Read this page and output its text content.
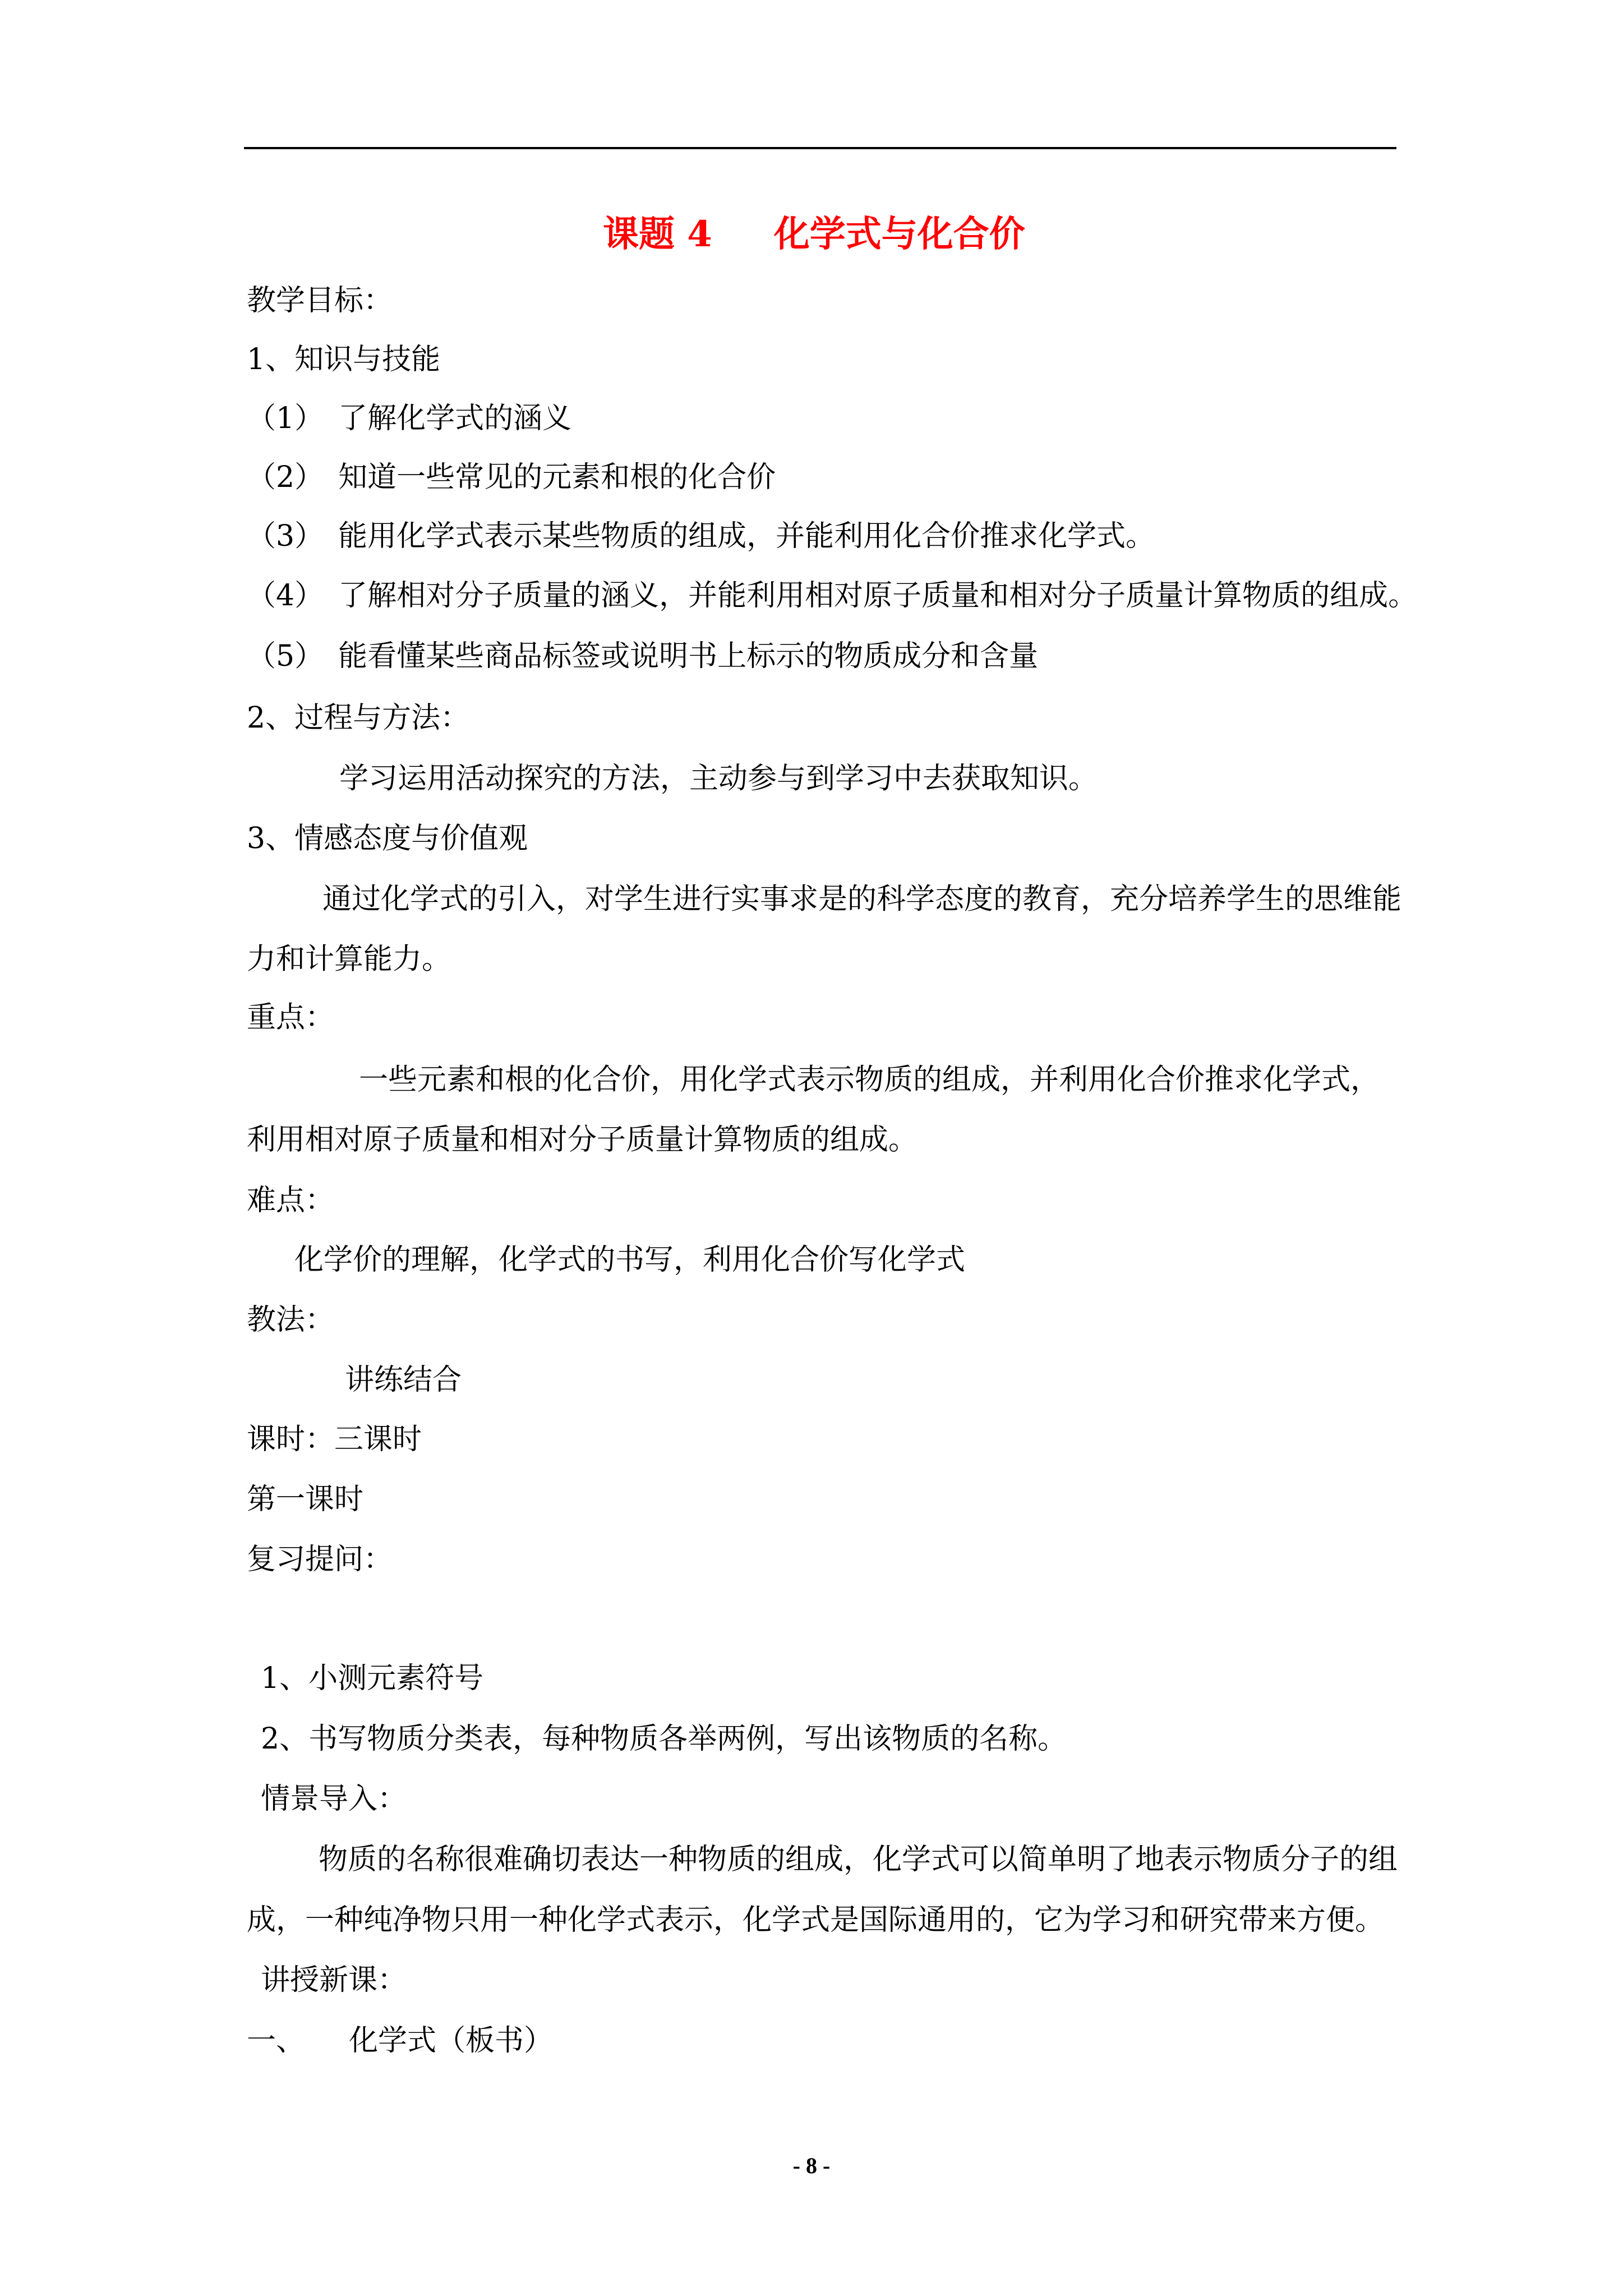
课题 4 化学式与化合价
教学目标：
1、知识与技能
（1）　了解化学式的涵义
（2）　知道一些常见的元素和根的化合价
（3）　能用化学式表示某些物质的组成，并能利用化合价推求化学式。
（4）　了解相对分子质量的涵义，并能利用相对原子质量和相对分子质量计算物质的组成。
（5）　能看懂某些商品标签或说明书上标示的物质成分和含量
2、过程与方法：
学习运用活动探究的方法，主动参与到学习中去获取知识。
3、情感态度与价值观
通过化学式的引入，对学生进行实事求是的科学态度的教育，充分培养学生的思维能
力和计算能力。
重点：
一些元素和根的化合价，用化学式表示物质的组成，并利用化合价推求化学式，
利用相对原子质量和相对分子质量计算物质的组成。
难点：
化学价的理解，化学式的书写，利用化合价写化学式
教法：
讲练结合
课时：三课时
第一课时
复习提问：
1、小测元素符号
2、书写物质分类表，每种物质各举两例，写出该物质的名称。
情景导入：
物质的名称很难确切表达一种物质的组成，化学式可以简单明了地表示物质分子的组
成，一种纯净物只用一种化学式表示，化学式是国际通用的，它为学习和研究带来方便。
讲授新课：
一、　　化学式（板书）
- 8 -
